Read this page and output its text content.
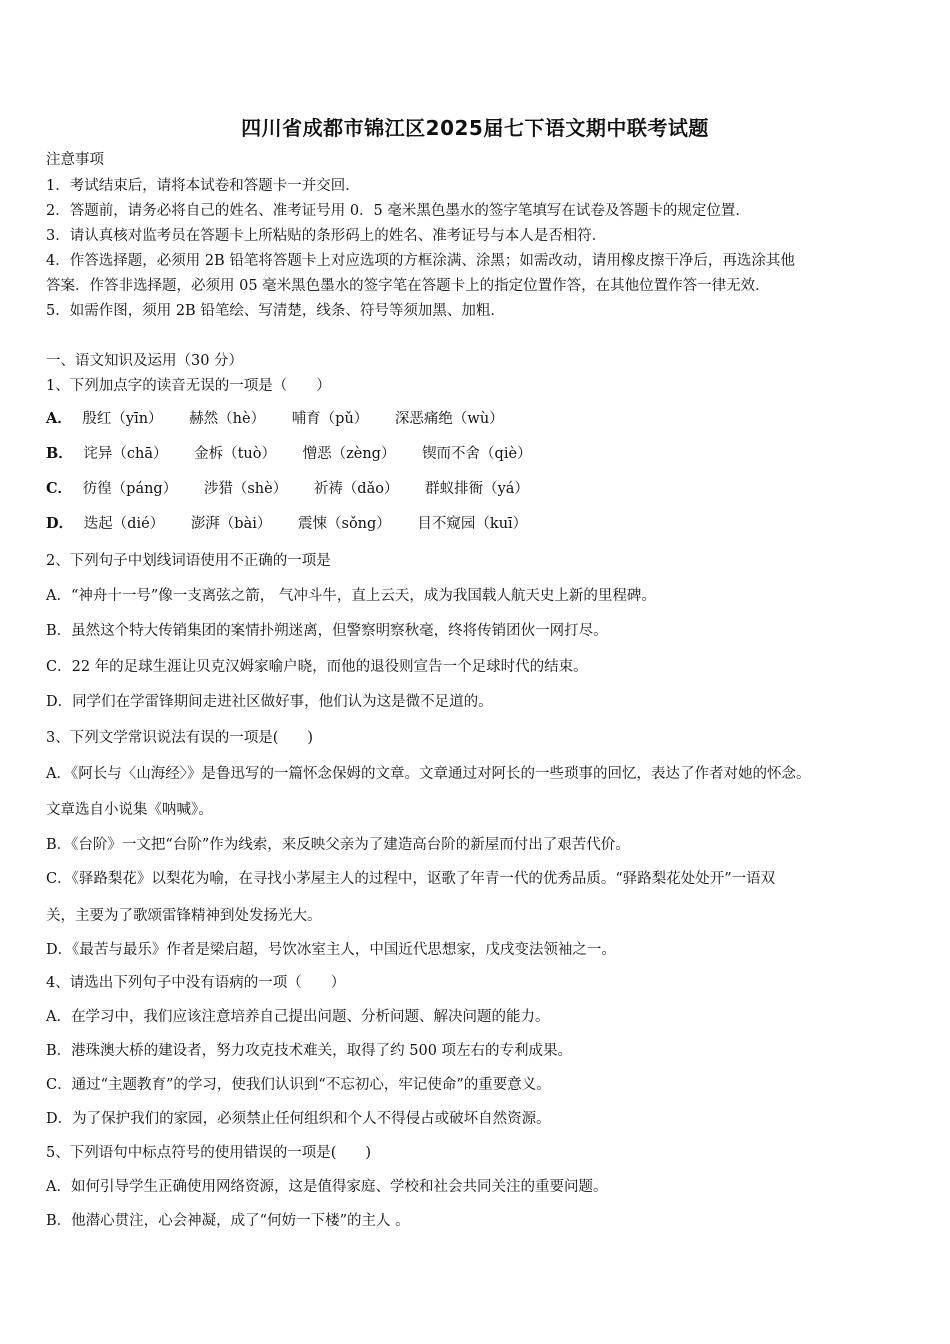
四川省成都市锦江区2025届七下语文期中联考试题
注意事项
1．考试结束后，请将本试卷和答题卡一并交回．
2．答题前，请务必将自己的姓名、准考证号用 0．5 毫米黑色墨水的签字笔填写在试卷及答题卡的规定位置．
3．请认真核对监考员在答题卡上所粘贴的条形码上的姓名、准考证号与本人是否相符．
4．作答选择题，必须用 2B 铅笔将答题卡上对应选项的方框涂满、涂黑；如需改动，请用橡皮擦干净后，再选涂其他
答案．作答非选择题，必须用 05 毫米黑色墨水的签字笔在答题卡上的指定位置作答，在其他位置作答一律无效．
5．如需作图，须用 2B 铅笔绘、写清楚，线条、符号等须加黑、加粗．
一、语文知识及运用（30 分）
1、下列加点字的读音无误的一项是（　　）
A． 殷红（yīn） 赫然（hè） 哺育（pǔ） 深恶痛绝（wù）
B． 诧异（chā） 金柝（tuò） 憎恶（zèng） 锲而不舍（qiè）
C． 彷徨（páng） 涉猎（shè） 祈祷（dǎo） 群蚁排衙（yá）
D． 迭起（dié） 澎湃（bài） 震悚（sǒng） 目不窥园（kuī）
2、下列句子中划线词语使用不正确的一项是
A．“神舟十一号”像一支离弦之箭， 气冲斗牛，直上云天，成为我国载人航天史上新的里程碑。
B．虽然这个特大传销集团的案情扑朔迷离，但警察明察秋毫，终将传销团伙一网打尽。
C．22 年的足球生涯让贝克汉姆家喻户晓，而他的退役则宣告一个足球时代的结束。
D．同学们在学雷锋期间走进社区做好事，他们认为这是微不足道的。
3、下列文学常识说法有误的一项是(　　)
A．《阿长与〈山海经〉》是鲁迅写的一篇怀念保姆的文章。文章通过对阿长的一些琐事的回忆，表达了作者对她的怀念。
文章选自小说集《呐喊》。
B．《台阶》一文把“台阶”作为线索，来反映父亲为了建造高台阶的新屋而付出了艰苦代价。
C．《驿路梨花》以梨花为喻，在寻找小茅屋主人的过程中，讴歌了年青一代的优秀品质。“驿路梨花处处开”一语双
关，主要为了歌颂雷锋精神到处发扬光大。
D．《最苦与最乐》作者是梁启超，号饮冰室主人，中国近代思想家，戊戌变法领袖之一。
4、请选出下列句子中没有语病的一项（　　）
A．在学习中，我们应该注意培养自己提出问题、分析问题、解决问题的能力。
B．港珠澳大桥的建设者，努力攻克技术难关，取得了约 500 项左右的专利成果。
C．通过“主题教育”的学习，使我们认识到“不忘初心，牢记使命”的重要意义。
D．为了保护我们的家园，必须禁止任何组织和个人不得侵占或破坏自然资源。
5、下列语句中标点符号的使用错误的一项是(　　)
A．如何引导学生正确使用网络资源，这是值得家庭、学校和社会共同关注的重要问题。
B．他潜心贯注，心会神凝，成了“何妨一下楼”的主人 。
